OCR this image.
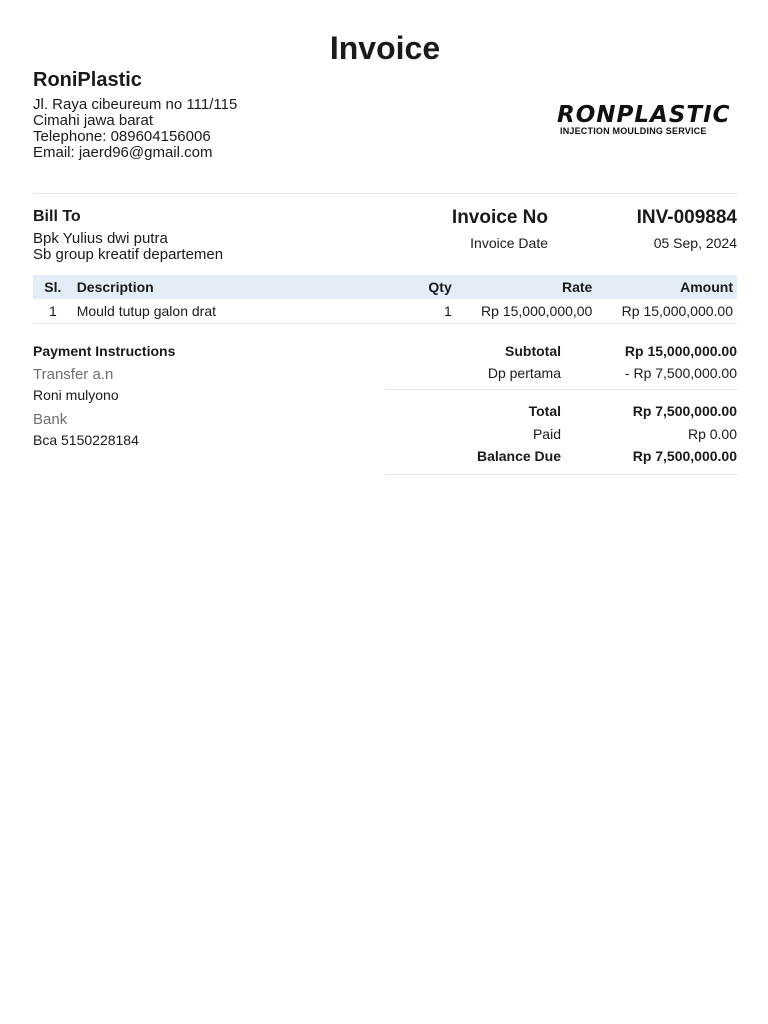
Invoice
RoniPlastic
Jl. Raya cibeureum no 111/115
Cimahi jawa barat
Telephone: 089604156006
Email: jaerd96@gmail.com
RONPLASTIC
INJECTION MOULDING SERVICE
Bill To
Bpk Yulius dwi putra
Sb group kreatif departemen
Invoice No	INV-009884
Invoice Date	05 Sep, 2024
Sl.	Description	Qty	Rate	Amount
1	Mould tutup galon drat	1	Rp 15,000,000,00	Rp 15,000,000.00
Payment Instructions
Transfer a.n
Roni mulyono
Bank
Bca 5150228184
Subtotal	Rp 15,000,000.00
Dp pertama	- Rp 7,500,000.00
Total	Rp 7,500,000.00
Paid	Rp 0.00
Balance Due	Rp 7,500,000.00
